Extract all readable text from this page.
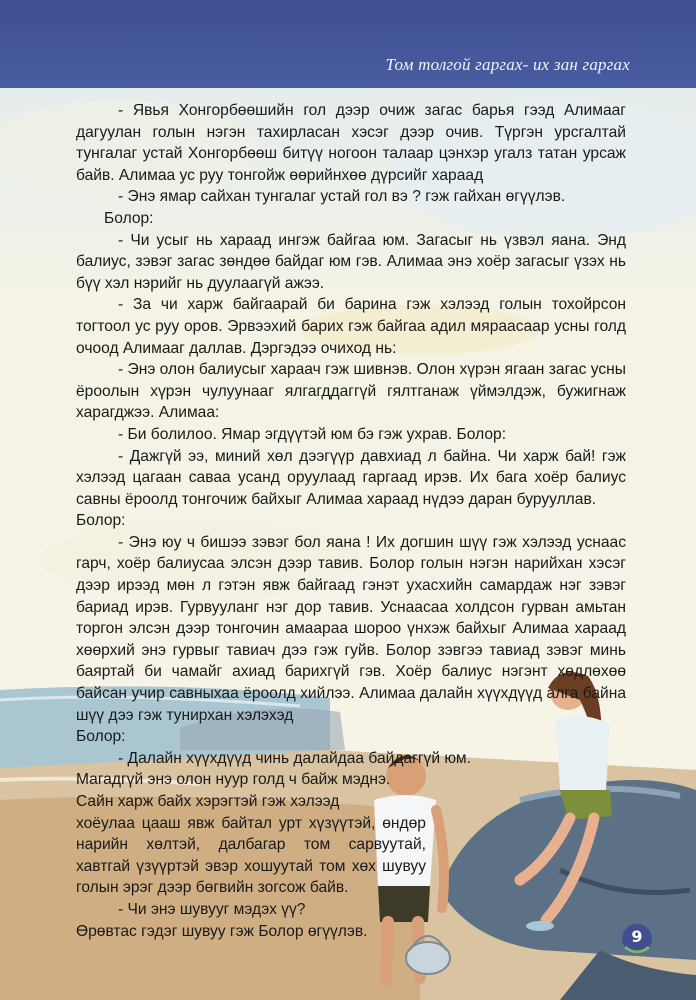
Том толгой гаргах- их зан гаргах

- Явья Хонгорбөөшийн гол дээр очиж загас барья гээд Алимааг дагуулан голын нэгэн тахирласан хэсэг дээр очив. Түргэн урсгалтай тунгалаг устай Хонгорбөөш битүү ногоон талаар цэнхэр угалз татан урсаж байв. Алимаа ус руу тонгойж өөрийнхөө дүрсийг хараад

- Энэ ямар сайхан тунгалаг устай гол вэ ? гэж гайхан өгүүлэв.

Болор:

- Чи усыг нь хараад ингэж байгаа юм. Загасыг нь үзвэл яана. Энд балиус, зэвэг загас зөндөө байдаг юм гэв. Алимаа энэ хоёр загасыг үзэх нь бүү хэл нэрийг нь дуулаагүй ажээ.

- За чи харж байгаарай би барина гэж хэлээд голын тохойрсон тогтоол ус руу оров. Эрвээхий барих гэж байгаа адил мяраасаар усны голд очоод Алимааг даллав. Дэргэдээ очиход нь:

- Энэ олон балиусыг хараач гэж шивнэв. Олон хүрэн ягаан загас усны ёроолын хүрэн чулуунааг ялгагддаггүй гялтганаж үймэлдэж, бужигнаж харагджээ. Алимаа:

- Би болилоо. Ямар эгдүүтэй юм бэ гэж ухрав. Болор:

- Дажгүй ээ, миний хөл дээгүүр давхиад л байна. Чи харж бай! гэж хэлээд цагаан саваа усанд оруулаад гаргаад ирэв. Их бага хоёр балиус савны ёроолд тонгочиж байхыг Алимаа хараад нүдээ даран бурууллав.

Болор:

- Энэ юу ч бишээ зэвэг бол яана ! Их догшин шүү гэж хэлээд уснаас гарч, хоёр балиусаа элсэн дээр тавив. Болор голын нэгэн нарийхан хэсэг дээр ирээд мөн л гэтэн явж байгаад гэнэт ухасхийн самардаж нэг зэвэг бариад ирэв. Гурвууланг нэг дор тавив. Уснаасаа холдсон гурван амьтан торгон элсэн дээр тонгочин амаараа шороо үнхэж байхыг Алимаа хараад хөөрхий энэ гурвыг тавиач дээ гэж гуйв. Болор зэвгээ тавиад зэвэг минь баяртай би чамайг ахиад барихгүй гэв. Хоёр балиус нэгэнт хөдлөхөө байсан учир савныхаа ёроолд хийлээ. Алимаа далайн хүүхдүүд алга байна шүү дээ гэж тунирхан хэлэхэд

Болор:

- Далайн хүүхдүүд чинь далайдаа байдаггүй юм.

Магадгүй энэ олон нуур голд ч байж мэднэ.

Сайн харж байх хэрэгтэй гэж хэлээд

хоёулаа цааш явж байтал урт хүзүүтэй, өндөр нарийн хөлтэй, далбагар том сарвуутай, хавтгай үзүүртэй эвэр хошуутай том хөх шувуу голын эрэг дээр бөгвийн зогсож байв.

- Чи энэ шувууг мэдэх үү?

Өрөвтас гэдэг шувуу гэж Болор өгүүлэв.	9
